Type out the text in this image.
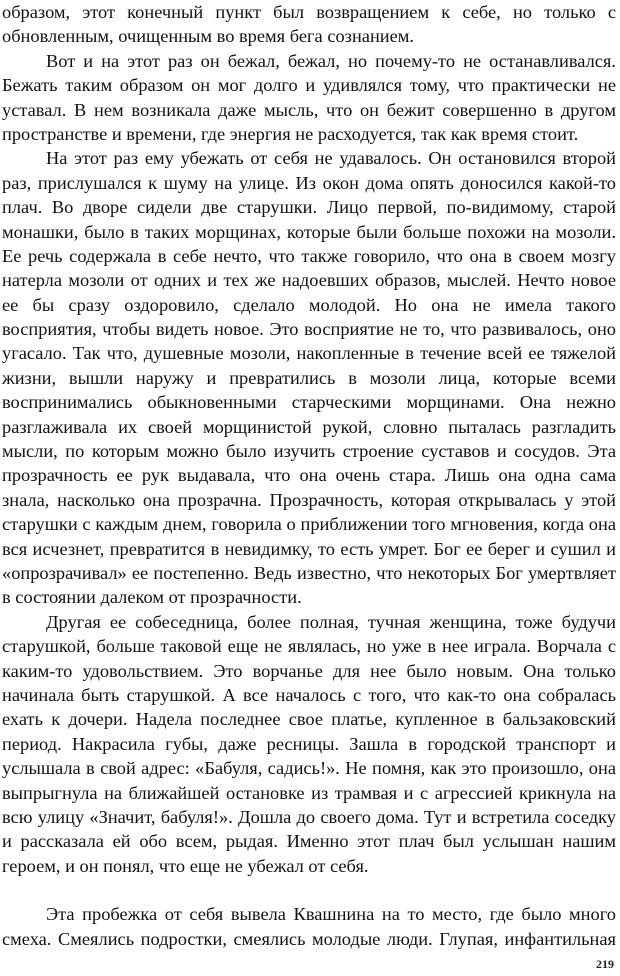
образом, этот конечный пункт был возвращением к себе, но только с
обновленным, очищенным во время бега сознанием.
Вот и на этот раз он бежал, бежал, но почему-то не останавливался.
Бежать таким образом он мог долго и удивлялся тому, что практически не
уставал. В нем возникала даже мысль, что он бежит совершенно в другом
пространстве и времени, где энергия не расходуется, так как время стоит.
На этот раз ему убежать от себя не удавалось. Он остановился второй
раз, прислушался к шуму на улице. Из окон дома опять доносился какой-то
плач. Во дворе сидели две старушки. Лицо первой, по-видимому, старой
монашки, было в таких морщинах, которые были больше похожи на мозоли.
Ее речь содержала в себе нечто, что также говорило, что она в своем мозгу
натерла мозоли от одних и тех же надоевших образов, мыслей. Нечто новое
ее бы сразу оздоровило, сделало молодой. Но она не имела такого
восприятия, чтобы видеть новое. Это восприятие не то, что развивалось, оно
угасало. Так что, душевные мозоли, накопленные в течение всей ее тяжелой
жизни, вышли наружу и превратились в мозоли лица, которые всеми
воспринимались обыкновенными старческими морщинами. Она нежно
разглаживала их своей морщинистой рукой, словно пыталась разгладить
мысли, по которым можно было изучить строение суставов и сосудов. Эта
прозрачность ее рук выдавала, что она очень стара. Лишь она одна сама
знала, насколько она прозрачна. Прозрачность, которая открывалась у этой
старушки с каждым днем, говорила о приближении того мгновения, когда она
вся исчезнет, превратится в невидимку, то есть умрет. Бог ее берег и сушил и
«опрозрачивал» ее постепенно. Ведь известно, что некоторых Бог умертвляет
в состоянии далеком от прозрачности.
Другая ее собеседница, более полная, тучная женщина, тоже будучи
старушкой, больше таковой еще не являлась, но уже в нее играла. Ворчала с
каким-то удовольствием. Это ворчанье для нее было новым. Она только
начинала быть старушкой. А все началось с того, что как-то она собралась
ехать к дочери. Надела последнее свое платье, купленное в бальзаковский
период. Накрасила губы, даже ресницы. Зашла в городской транспорт и
услышала в свой адрес: «Бабуля, садись!». Не помня, как это произошло, она
выпрыгнула на ближайшей остановке из трамвая и с агрессией крикнула на
всю улицу «Значит, бабуля!». Дошла до своего дома. Тут и встретила соседку
и рассказала ей обо всем, рыдая. Именно этот плач был услышан нашим
героем, и он понял, что еще не убежал от себя.
Эта пробежка от себя вывела Квашнина на то место, где было много
смеха. Смеялись подростки, смеялись молодые люди. Глупая, инфантильная
219
